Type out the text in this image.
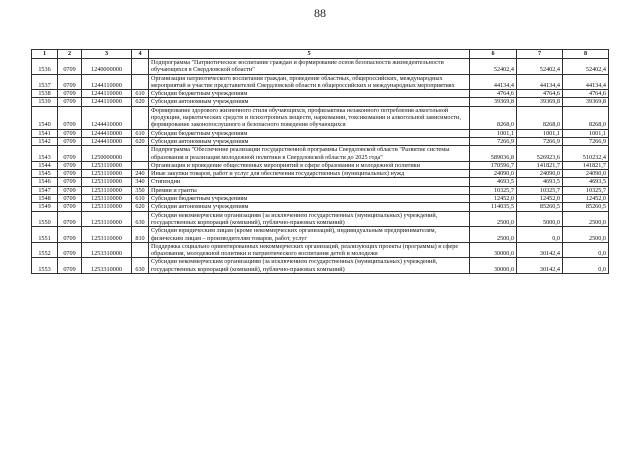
88
1	2	3	4	5	6	7	8
1536	0709	1240000000		Подпрограмма "Патриотическое воспитание граждан и формирование основ безопасности жизнедеятельности обучающихся в Свердловской области"	52402,4	52402,4	52402,4
1537	0709	1244110000		Организация патриотического воспитания граждан, проведение областных, общероссийских, международных мероприятий и участие представителей Свердловской области в общероссийских и международных мероприятиях	44134,4	44134,4	44134,4
1538	0709	1244110000	610	Субсидии бюджетным учреждениям	4764,6	4764,6	4764,6
1539	0709	1244110000	620	Субсидии автономным учреждениям	39369,8	39369,8	39369,8
1540	0709	1244410000		Формирование здорового жизненного стиля обучающихся, профилактика незаконного потребления алкогольной продукции, наркотических средств и психотропных веществ, наркомании, токсикомании и алкогольной зависимости, формирование законопослушного и безопасного поведения обучающихся	8268,0	8268,0	8268,0
1541	0709	1244410000	610	Субсидии бюджетным учреждениям	1001,1	1001,1	1001,1
1542	0709	1244410000	620	Субсидии автономным учреждениям	7266,9	7266,9	7266,9
1543	0709	1250000000		Подпрограмма "Обеспечение реализации государственной программы Свердловской области "Развитие системы образования и реализация молодежной политики в Свердловской области до 2025 года"	589036,8	526923,6	510232,4
1544	0709	1253110000		Организация и проведение общественных мероприятий в сфере образования и молодежной политики	170596,7	141821,7	141821,7
1545	0709	1253110000	240	Иные закупки товаров, работ и услуг для обеспечения государственных (муниципальных) нужд	24090,0	24090,0	24090,0
1546	0709	1253110000	340	Стипендии	4693,5	4693,5	4693,5
1547	0709	1253110000	350	Премии и гранты	10325,7	10325,7	10325,7
1548	0709	1253110000	610	Субсидии бюджетным учреждениям	12452,0	12452,0	12452,0
1549	0709	1253110000	620	Субсидии автономным учреждениям	114035,5	85260,5	85260,5
1550	0709	1253110000	630	Субсидии некоммерческим организациям (за исключением государственных (муниципальных) учреждений, государственных корпораций (компаний), публично-правовых компаний)	2500,0	5000,0	2500,0
1551	0709	1253110000	810	Субсидии юридическим лицам (кроме некоммерческих организаций), индивидуальным предпринимателям, физическим лицам – производителям товаров, работ, услуг	2500,0	0,0	2500,0
1552	0709	1253310000		Поддержка социально ориентированных некоммерческих организаций, реализующих проекты (программы) в сфере образования, молодежной политики и патриотического воспитания детей и молодежи	30000,0	30142,4	0,0
1553	0709	1253310000	630	Субсидии некоммерческим организациям (за исключением государственных (муниципальных) учреждений, государственных корпораций (компаний), публично-правовых компаний)	30000,0	30142,4	0,0
